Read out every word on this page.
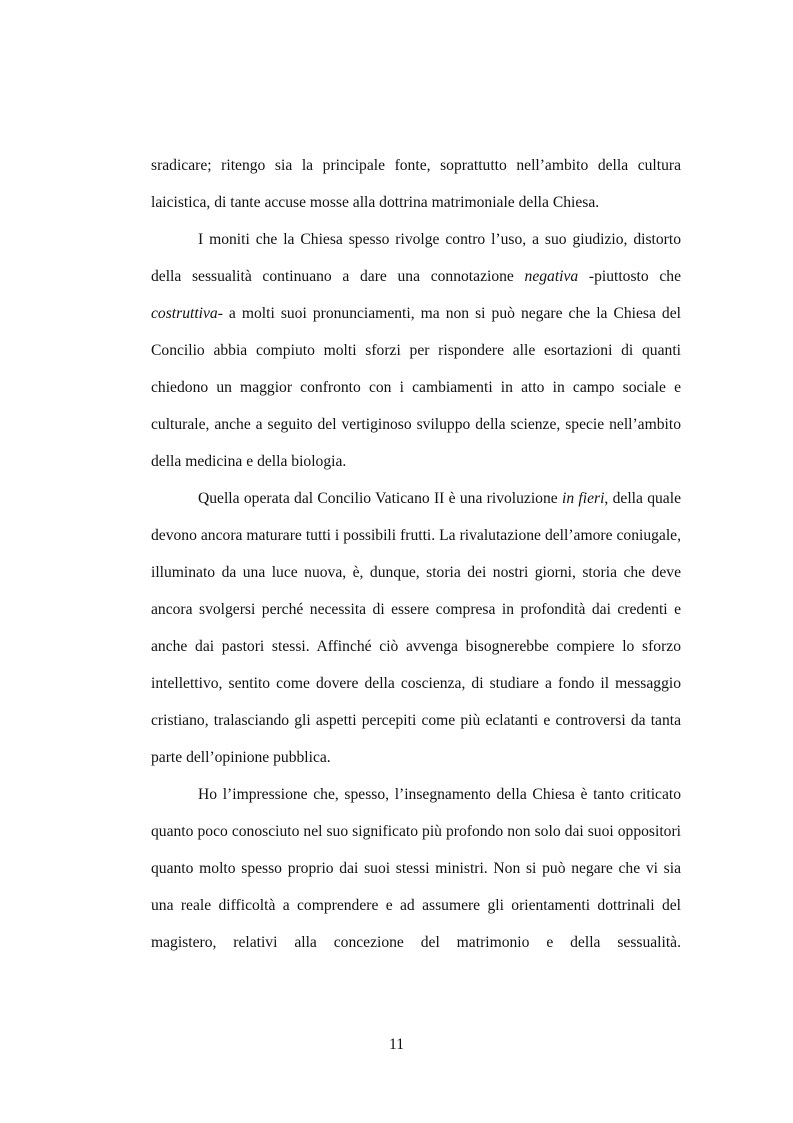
sradicare; ritengo sia la principale fonte, soprattutto nell’ambito della cultura laicistica, di tante accuse mosse alla dottrina matrimoniale della Chiesa.

I moniti che la Chiesa spesso rivolge contro l’uso, a suo giudizio, distorto della sessualità continuano a dare una connotazione negativa -piuttosto che costruttiva- a molti suoi pronunciamenti, ma non si può negare che la Chiesa del Concilio abbia compiuto molti sforzi per rispondere alle esortazioni di quanti chiedono un maggior confronto con i cambiamenti in atto in campo sociale e culturale, anche a seguito del vertiginoso sviluppo della scienze, specie nell’ambito della medicina e della biologia.

Quella operata dal Concilio Vaticano II è una rivoluzione in fieri, della quale devono ancora maturare tutti i possibili frutti. La rivalutazione dell’amore coniugale, illuminato da una luce nuova, è, dunque, storia dei nostri giorni, storia che deve ancora svolgersi perché necessita di essere compresa in profondità dai credenti e anche dai pastori stessi. Affinché ciò avvenga bisognerebbe compiere lo sforzo intellettivo, sentito come dovere della coscienza, di studiare a fondo il messaggio cristiano, tralasciando gli aspetti percepiti come più eclatanti e controversi da tanta parte dell’opinione pubblica.

Ho l’impressione che, spesso, l’insegnamento della Chiesa è tanto criticato quanto poco conosciuto nel suo significato più profondo non solo dai suoi oppositori quanto molto spesso proprio dai suoi stessi ministri. Non si può negare che vi sia una reale difficoltà a comprendere e ad assumere gli orientamenti dottrinali del magistero, relativi alla concezione del matrimonio e della sessualità.

11
